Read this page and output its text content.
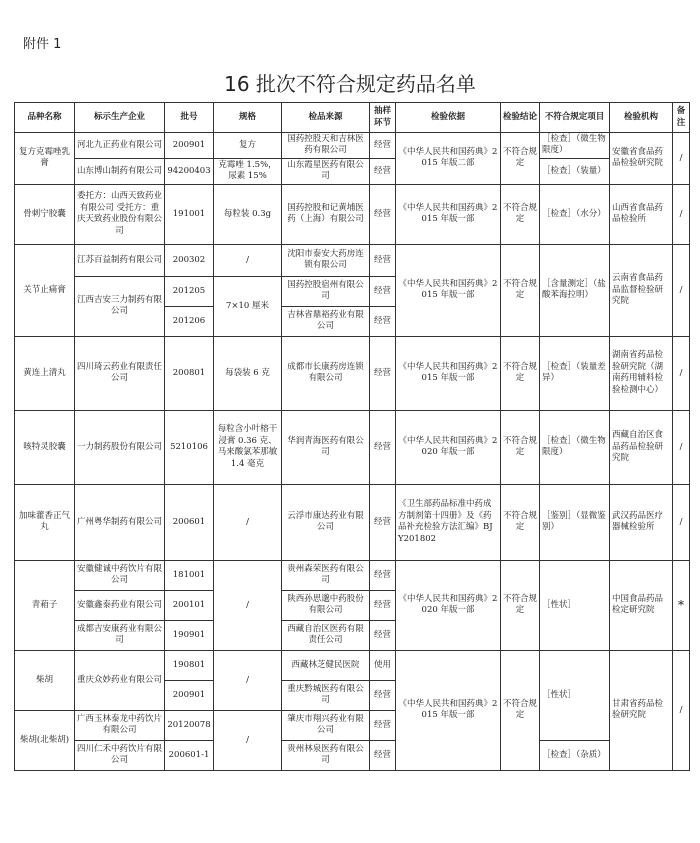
附件 1
16 批次不符合规定药品名单
品种名称	标示生产企业	批号	规格	检品来源	抽样环节	检验依据	检验结论	不符合规定项目	检验机构	备注
复方克霉唑乳膏	河北九正药业有限公司	200901	复方	国药控股天和吉林医药有限公司	经营	《中华人民共和国药典》2015 年版二部	不符合规定	［检查］（微生物限度）	安徽省食品药品检验研究院	/
	山东博山制药有限公司	94200403	克霉唑 1.5%，尿素 15%	山东霞星医药有限公司	经营			［检查］（装量）		
骨刺宁胶囊	委托方：山西天致药业有限公司 受托方：重庆天致药业股份有限公司	191001	每粒装 0.3g	国药控股和记黄埔医药（上海）有限公司	经营	《中华人民共和国药典》2015 年版一部	不符合规定	［检查］（水分）	山西省食品药品检验所	/
关节止痛膏	江苏百益制药有限公司	200302	/	沈阳市泰安大药房连锁有限公司	经营	《中华人民共和国药典》2015 年版一部	不符合规定	［含量测定］（盐酸苯海拉明）	云南省食品药品监督检验研究院	/
	江西吉安三力制药有限公司	201205	7×10 厘米	国药控股宿州有限公司	经营					
		201206		吉林省鼎裕药业有限公司	经营					
黄连上清丸	四川琦云药业有限责任公司	200801	每袋装 6 克	成都市长康药房连锁有限公司	经营	《中华人民共和国药典》2015 年版一部	不符合规定	［检查］（装量差异）	湖南省药品检验研究院（湖南药用辅料检验检测中心）	/
咳特灵胶囊	一力制药股份有限公司	5210106	每粒含小叶榕干浸膏 0.36 克、马来酸氯苯那敏 1.4 毫克	华润青海医药有限公司	经营	《中华人民共和国药典》2020 年版一部	不符合规定	［检查］（微生物限度）	西藏自治区食品药品检验研究院	/
加味藿香正气丸	广州粤华制药有限公司	200601	/	云浮市康达药业有限公司	经营	《卫生部药品标准中药成方制剂第十四册》及《药品补充检验方法汇编》BJY201802	不符合规定	［鉴别］（显微鉴别）	武汉药品医疗器械检验所	/
青葙子	安徽健诚中药饮片有限公司	181001	/	贵州森荣医药有限公司	经营	《中华人民共和国药典》2020 年版一部	不符合规定	［性状］	中国食品药品检定研究院	*
	安徽鑫泰药业有限公司	200101		陕西孙思邈中药股份有限公司	经营					
	成都吉安康药业有限公司	190901		西藏自治区医药有限责任公司	经营					
柴胡	重庆众妙药业有限公司	190801	/	西藏林芝健民医院	使用	《中华人民共和国药典》2015 年版一部	不符合规定	［性状］	甘肃省药品检验研究院	/
		200901		重庆黔城医药有限公司	经营					
柴胡(北柴胡)	广西玉林泰龙中药饮片有限公司	20120078	/	肇庆市翔兴药业有限公司	经营					
	四川仁禾中药饮片有限公司	200601-1		贵州林泉医药有限公司	经营			［检查］（杂质）		
